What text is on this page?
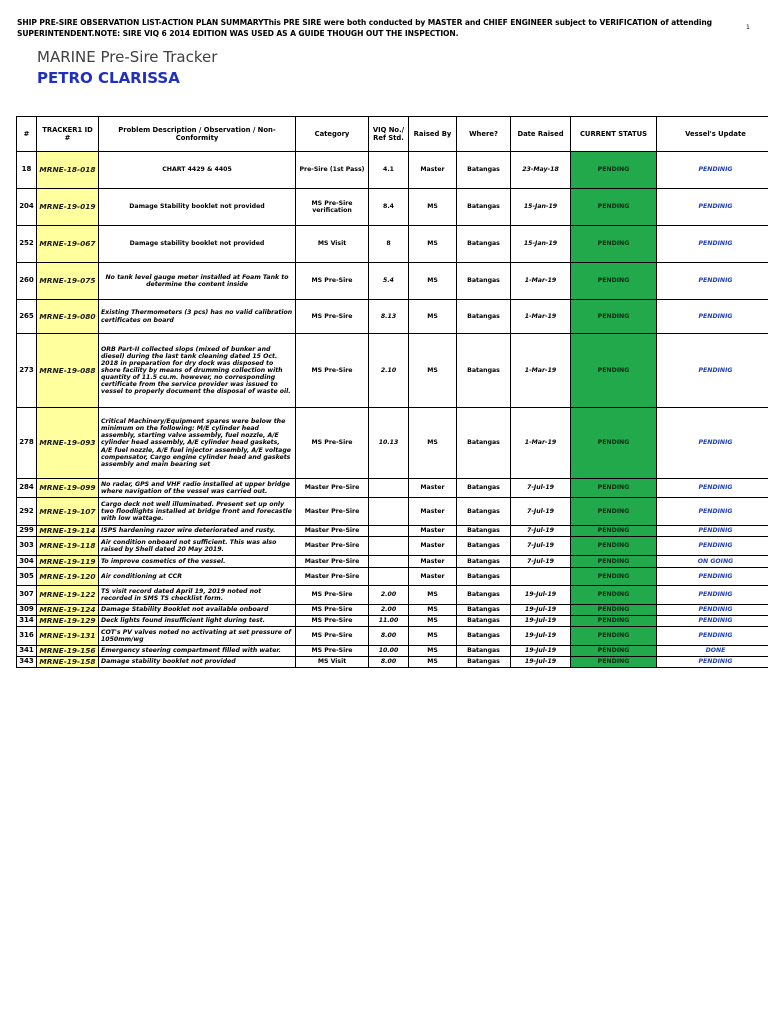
SHIP PRE-SIRE OBSERVATION LIST-ACTION PLAN SUMMARYThis PRE SIRE were both conducted by MASTER and CHIEF ENGINEER subject to VERIFICATION of attending SUPERINTENDENT.NOTE: SIRE VIQ 6 2014 EDITION WAS USED AS A GUIDE THOUGH OUT THE INSPECTION.
1
MARINE Pre-Sire Tracker
PETRO CLARISSA
#	TRACKER1 ID #	Problem Description / Observation / Non-Conformity	Category	VIQ No./ Ref Std.	Raised By	Where?	Date Raised	CURRENT STATUS	Vessel's Update
18	MRNE-18-018	CHART 4429 & 4405	Pre-Sire (1st Pass)	4.1	Master	Batangas	23-May-18	PENDING	PENDINIG
204	MRNE-19-019	Damage Stability booklet not provided	MS Pre-Sire verification	8.4	MS	Batangas	15-Jan-19	PENDING	PENDINIG
252	MRNE-19-067	Damage stability booklet not provided	MS Visit	8	MS	Batangas	15-Jan-19	PENDING	PENDINIG
260	MRNE-19-075	No tank level gauge meter installed at Foam Tank to determine the content inside	MS Pre-Sire	5.4	MS	Batangas	1-Mar-19	PENDING	PENDINIG
265	MRNE-19-080	Existing Thermometers (3 pcs) has no valid calibration certificates on board	MS Pre-Sire	8.13	MS	Batangas	1-Mar-19	PENDING	PENDINIG
273	MRNE-19-088	ORB Part-II collected slops (mixed of bunker and diesel) during the last tank cleaning dated 15 Oct. 2018 in preparation for dry dock was disposed to shore facility by means of drumming collection with quantity of 11.5 cu.m. however, no corresponding certificate from the service provider was issued to vessel to properly document the disposal of waste oil.	MS Pre-Sire	2.10	MS	Batangas	1-Mar-19	PENDING	PENDINIG
278	MRNE-19-093	Critical Machinery/Equipment spares were below the minimum on the following: M/E cylinder head assembly, starting valve assembly, fuel nozzle, A/E cylinder head assembly, A/E cylinder head gaskets, A/E fuel nozzle, A/E fuel injector assembly, A/E voltage compensator, Cargo engine cylinder head and gaskets assembly and main bearing set	MS Pre-Sire	10.13	MS	Batangas	1-Mar-19	PENDING	PENDINIG
284	MRNE-19-099	No radar, GPS and VHF radio installed at upper bridge where navigation of the vessel was carried out.	Master Pre-Sire		Master	Batangas	7-Jul-19	PENDING	PENDINIG
292	MRNE-19-107	Cargo deck not well illuminated. Present set up only two floodlights installed at bridge front and forecastle with low wattage.	Master Pre-Sire		Master	Batangas	7-Jul-19	PENDING	PENDINIG
299	MRNE-19-114	ISPS hardening razor wire deteriorated and rusty.	Master Pre-Sire		Master	Batangas	7-Jul-19	PENDING	PENDINIG
303	MRNE-19-118	Air condition onboard not sufficient. This was also raised by Shell dated 20 May 2019.	Master Pre-Sire		Master	Batangas	7-Jul-19	PENDING	PENDINIG
304	MRNE-19-119	To improve cosmetics of the vessel.	Master Pre-Sire		Master	Batangas	7-Jul-19	PENDING	ON GOING
305	MRNE-19-120	Air conditioning at CCR	Master Pre-Sire		Master	Batangas		PENDING	PENDINIG
307	MRNE-19-122	TS visit record dated April 19, 2019 noted not recorded in SMS TS checklist form.	MS Pre-Sire	2.00	MS	Batangas	19-Jul-19	PENDING	PENDINIG
309	MRNE-19-124	Damage Stability Booklet not available onboard	MS Pre-Sire	2.00	MS	Batangas	19-Jul-19	PENDING	PENDINIG
314	MRNE-19-129	Deck lights found insufficient light during test.	MS Pre-Sire	11.00	MS	Batangas	19-Jul-19	PENDING	PENDINIG
316	MRNE-19-131	COT's PV valves noted no activating at set pressure of 1050mm/wg	MS Pre-Sire	8.00	MS	Batangas	19-Jul-19	PENDING	PENDINIG
341	MRNE-19-156	Emergency steering compartment filled with water.	MS Pre-Sire	10.00	MS	Batangas	19-Jul-19	PENDING	DONE
343	MRNE-19-158	Damage stability booklet not provided	MS Visit	8.00	MS	Batangas	19-Jul-19	PENDING	PENDINIG
